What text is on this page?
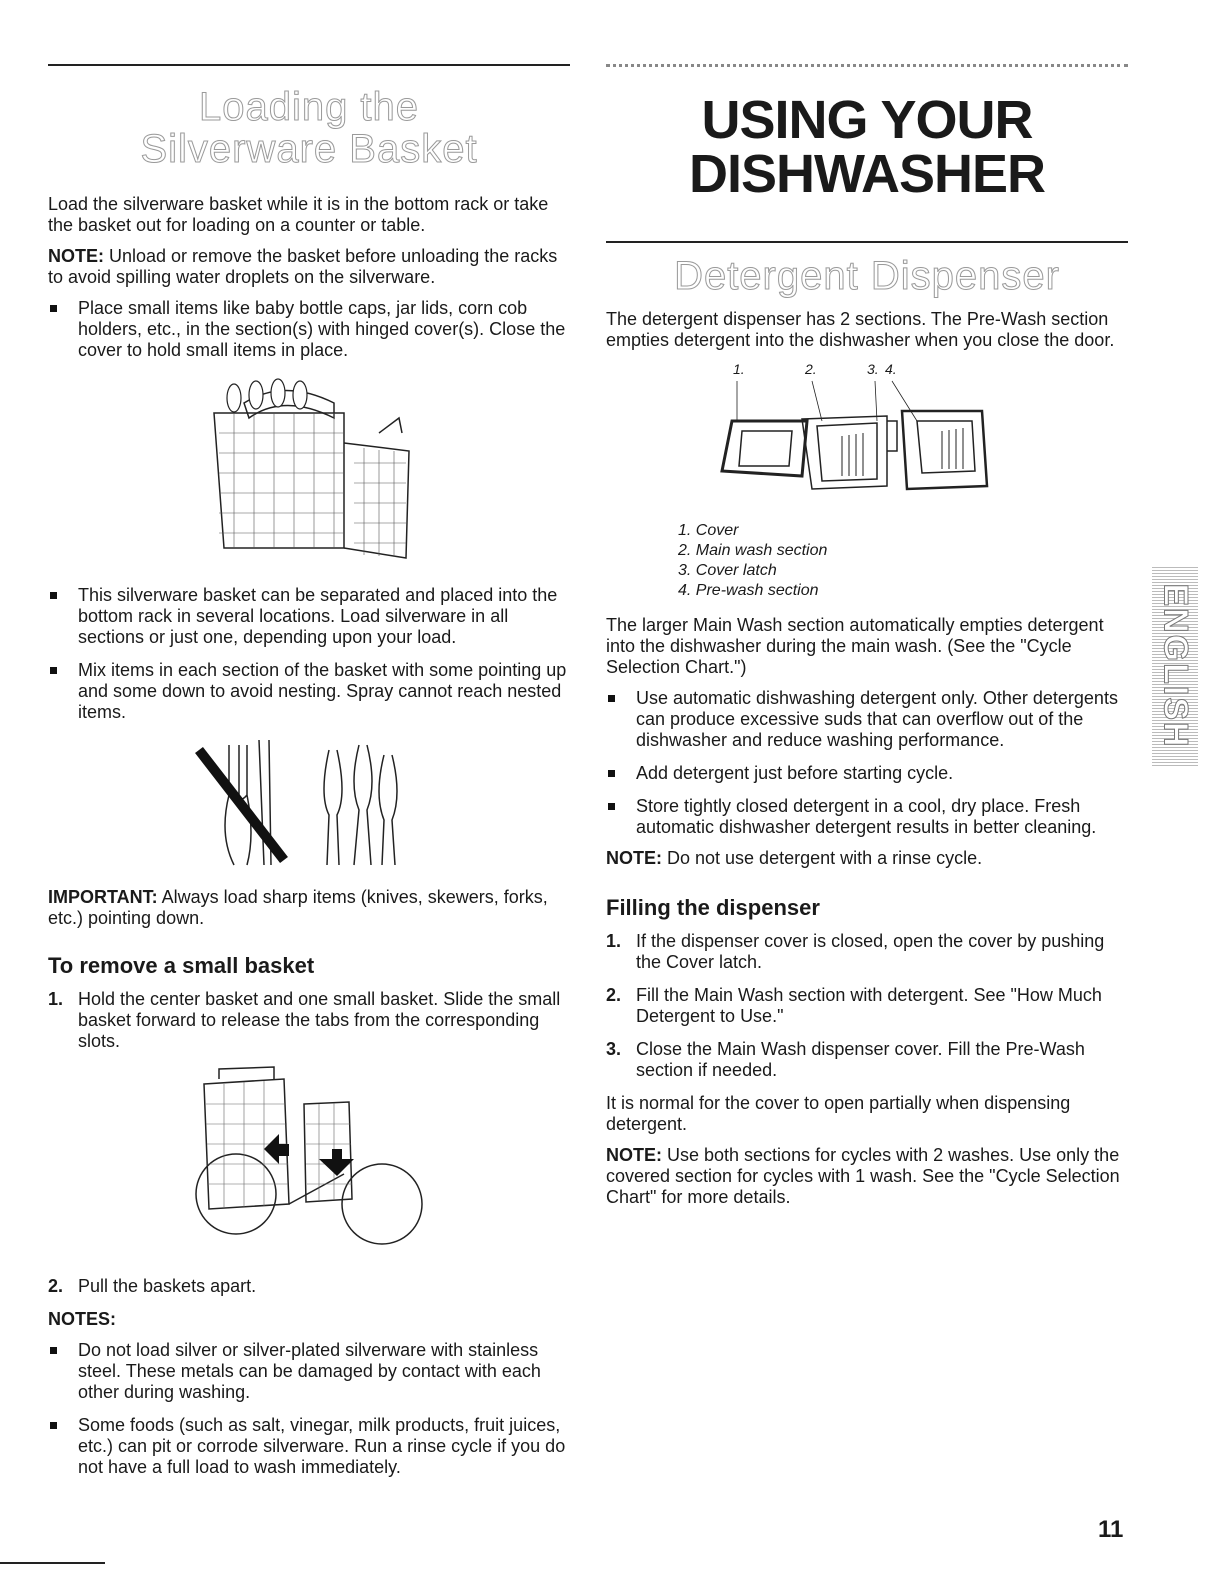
Loading the
Silverware Basket

Load the silverware basket while it is in the bottom rack or take the basket out for loading on a counter or table.

NOTE: Unload or remove the basket before unloading the racks to avoid spilling water droplets on the silverware.

Place small items like baby bottle caps, jar lids, corn cob holders, etc., in the section(s) with hinged cover(s). Close the cover to hold small items in place.
This silverware basket can be separated and placed into the bottom rack in several locations. Load silverware in all sections or just one, depending upon your load.
Mix items in each section of the basket with some pointing up and some down to avoid nesting. Spray cannot reach nested items.

IMPORTANT: Always load sharp items (knives, skewers, forks, etc.) pointing down.

To remove a small basket
1. Hold the center basket and one small basket. Slide the small basket forward to release the tabs from the corresponding slots.
2. Pull the baskets apart.

NOTES:

Do not load silver or silver-plated silverware with stainless steel. These metals can be damaged by contact with each other during washing.
Some foods (such as salt, vinegar, milk products, fruit juices, etc.) can pit or corrode silverware. Run a rinse cycle if you do not have a full load to wash immediately.
USING YOUR
DISHWASHER
Detergent Dispenser

The detergent dispenser has 2 sections. The Pre-Wash section empties detergent into the dishwasher when you close the door.

1.	2.	3. 4.
1. Cover
2. Main wash section
3. Cover latch
4. Pre-wash section

The larger Main Wash section automatically empties detergent into the dishwasher during the main wash. (See the "Cycle Selection Chart.")

Use automatic dishwashing detergent only. Other detergents can produce excessive suds that can overflow out of the dishwasher and reduce washing performance.
Add detergent just before starting cycle.
Store tightly closed detergent in a cool, dry place. Fresh automatic dishwasher detergent results in better cleaning.

NOTE: Do not use detergent with a rinse cycle.

Filling the dispenser
1. If the dispenser cover is closed, open the cover by pushing the Cover latch.
2. Fill the Main Wash section with detergent. See "How Much Detergent to Use."
3. Close the Main Wash dispenser cover. Fill the Pre-Wash section if needed.

It is normal for the cover to open partially when dispensing detergent.

NOTE: Use both sections for cycles with 2 washes. Use only the covered section for cycles with 1 wash. See the "Cycle Selection Chart" for more details.

ENGLISH
11
